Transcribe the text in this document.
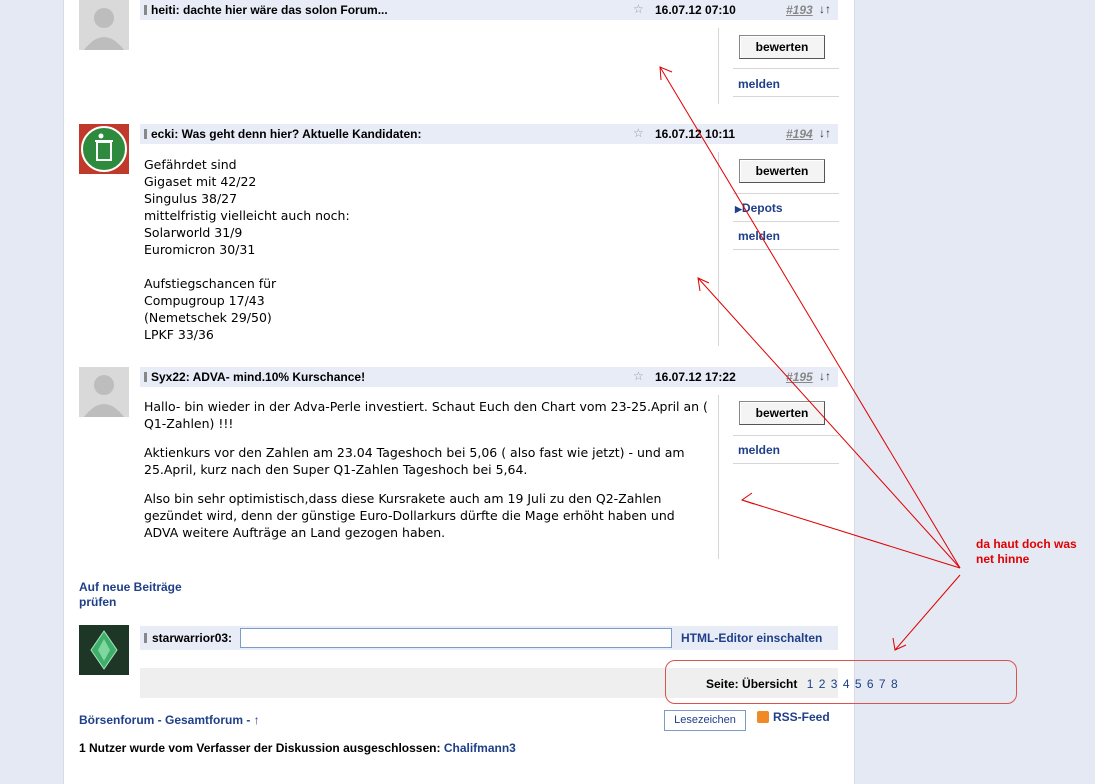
heiti: dachte hier wäre das solon Forum...	☆ 16.07.12 07:10	#193 ↓↑
bewerten
melden
ecki: Was geht denn hier? Aktuelle Kandidaten:	☆ 16.07.12 10:11	#194 ↓↑
Gefährdet sind
Gigaset mit 42/22
Singulus 38/27
mittelfristig vielleicht auch noch:
Solarworld 31/9
Euromicron 30/31

Aufstiegschancen für
Compugroup 17/43
(Nemetschek 29/50)
LPKF 33/36
bewerten
▶Depots
melden
Syx22: ADVA- mind.10% Kurschance!	☆ 16.07.12 17:22	#195 ↓↑

Hallo- bin wieder in der Adva-Perle investiert. Schaut Euch den Chart vom 23-25.April an ( Q1-Zahlen) !!!

Aktienkurs vor den Zahlen am 23.04 Tageshoch bei 5,06 ( also fast wie jetzt) - und am 25.April, kurz nach den Super Q1-Zahlen Tageshoch bei 5,64.

Also bin sehr optimistisch,dass diese Kursrakete auch am 19 Juli zu den Q2-Zahlen gezündet wird, denn der günstige Euro-Dollarkurs dürfte die Mage erhöht haben und ADVA weitere Aufträge an Land gezogen haben.

bewerten
melden
Auf neue Beiträge prüfen
starwarrior03:	HTML-Editor einschalten
Seite: Übersicht 1 2 3 4 5 6 7 8
Börsenforum - Gesamtforum - ↑	Lesezeichen	RSS-Feed
1 Nutzer wurde vom Verfasser der Diskussion ausgeschlossen: Chalifmann3
da haut doch was
net hinne
